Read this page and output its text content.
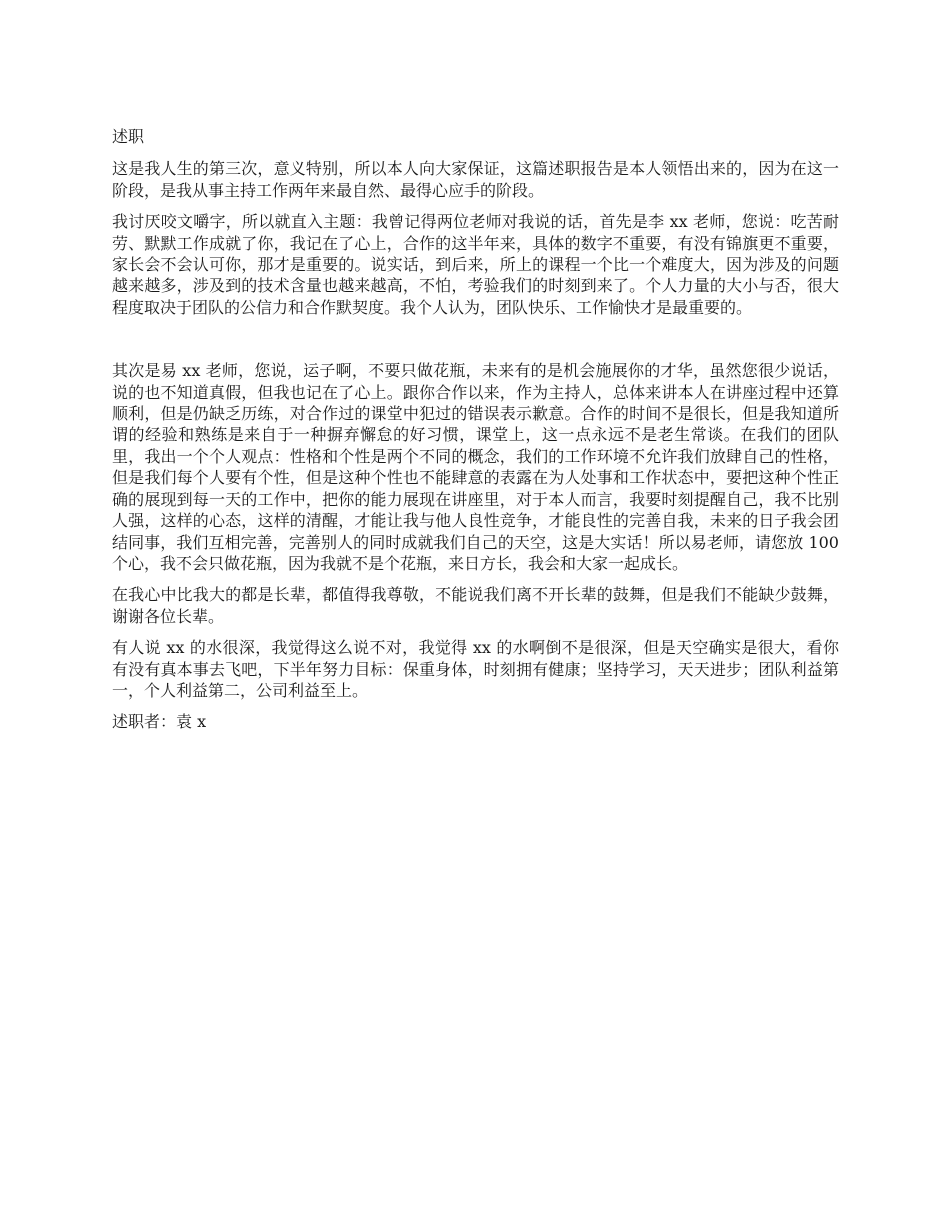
述职

这是我人生的第三次，意义特别，所以本人向大家保证，这篇述职报告是本人领悟出来的，因为在这一阶段，是我从事主持工作两年来最自然、最得心应手的阶段。

我讨厌咬文嚼字，所以就直入主题：我曾记得两位老师对我说的话，首先是李 xx 老师，您说：吃苦耐劳、默默工作成就了你，我记在了心上，合作的这半年来，具体的数字不重要，有没有锦旗更不重要，家长会不会认可你，那才是重要的。说实话，到后来，所上的课程一个比一个难度大，因为涉及的问题越来越多，涉及到的技术含量也越来越高，不怕，考验我们的时刻到来了。个人力量的大小与否，很大程度取决于团队的公信力和合作默契度。我个人认为，团队快乐、工作愉快才是最重要的。

其次是易 xx 老师，您说，运子啊，不要只做花瓶，未来有的是机会施展你的才华，虽然您很少说话，说的也不知道真假，但我也记在了心上。跟你合作以来，作为主持人，总体来讲本人在讲座过程中还算顺利，但是仍缺乏历练，对合作过的课堂中犯过的错误表示歉意。合作的时间不是很长，但是我知道所谓的经验和熟练是来自于一种摒弃懈怠的好习惯，课堂上，这一点永远不是老生常谈。在我们的团队里，我出一个个人观点：性格和个性是两个不同的概念，我们的工作环境不允许我们放肆自己的性格，但是我们每个人要有个性，但是这种个性也不能肆意的表露在为人处事和工作状态中，要把这种个性正确的展现到每一天的工作中，把你的能力展现在讲座里，对于本人而言，我要时刻提醒自己，我不比别人强，这样的心态，这样的清醒，才能让我与他人良性竞争，才能良性的完善自我，未来的日子我会团结同事，我们互相完善，完善别人的同时成就我们自己的天空，这是大实话！所以易老师，请您放 100 个心，我不会只做花瓶，因为我就不是个花瓶，来日方长，我会和大家一起成长。

在我心中比我大的都是长辈，都值得我尊敬，不能说我们离不开长辈的鼓舞，但是我们不能缺少鼓舞，谢谢各位长辈。

有人说 xx 的水很深，我觉得这么说不对，我觉得 xx 的水啊倒不是很深，但是天空确实是很大，看你有没有真本事去飞吧，下半年努力目标：保重身体，时刻拥有健康；坚持学习，天天进步；团队利益第一，个人利益第二，公司利益至上。

述职者：袁 x
